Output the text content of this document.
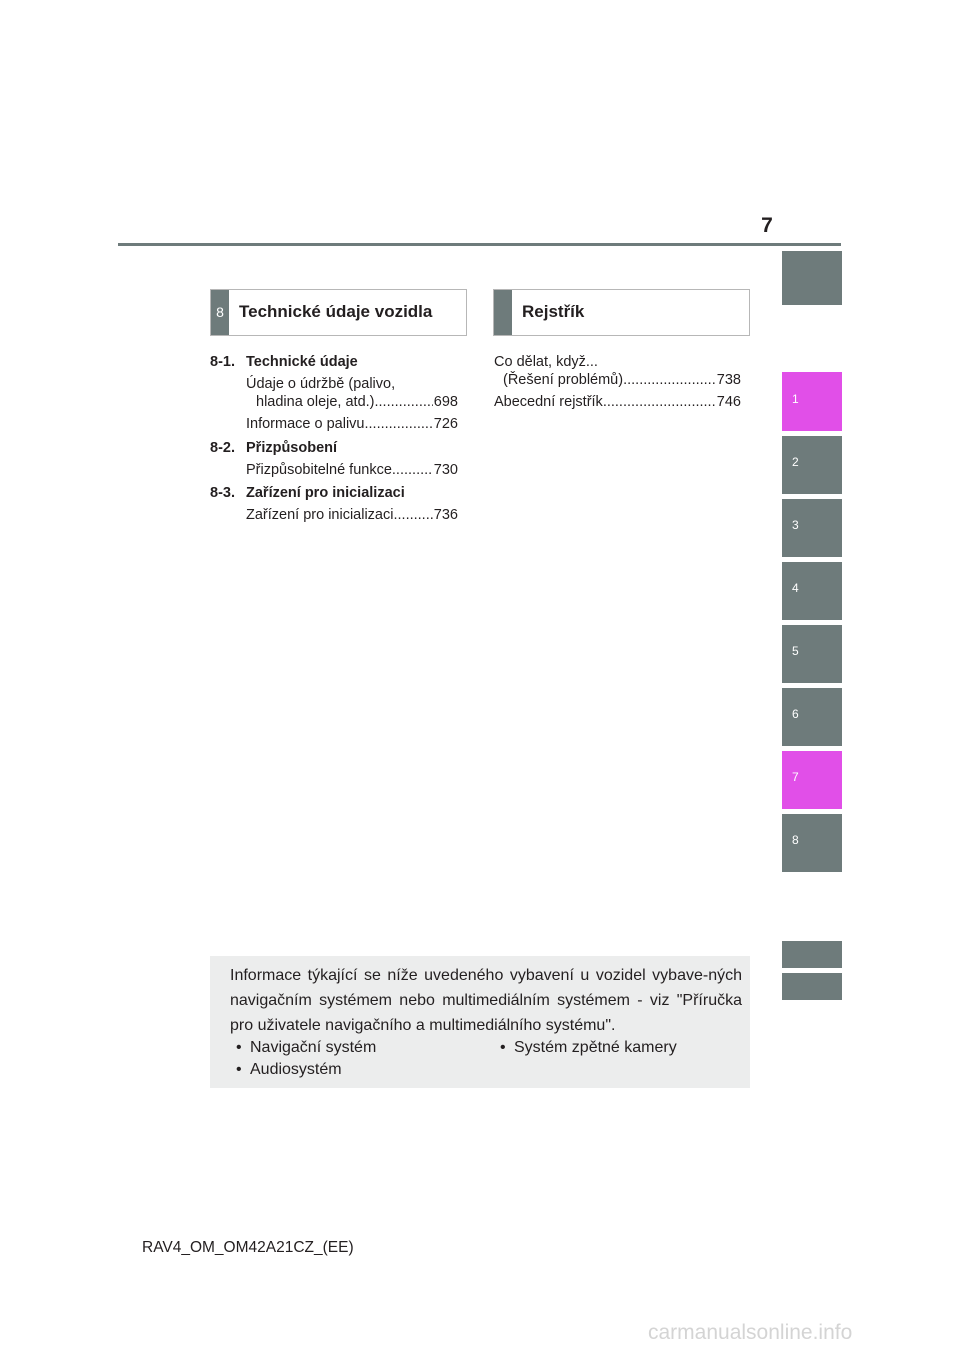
7
1
2
3
4
5
6
7
8
8 Technické údaje vozidla	Rejstřík
8-1. Technické údaje
Údaje o údržbě (palivo,
hladina oleje, atd.) .....	698
Informace o palivu .....	726
8-2. Přizpůsobení
Přizpůsobitelné funkce .....	730
8-3. Zařízení pro inicializaci
Zařízení pro inicializaci .....	736
Co dělat, když...
(Řešení problémů) .....	738
Abecední rejstřík .....	746
Informace týkající se níže uvedeného vybavení u vozidel vybave-ných navigačním systémem nebo multimediálním systémem - viz "Příručka pro uživatele navigačního a multimediálního systému".
• Navigační systém	• Systém zpětné kamery
• Audiosystém
RAV4_OM_OM42A21CZ_(EE)
carmanualsonline.info
